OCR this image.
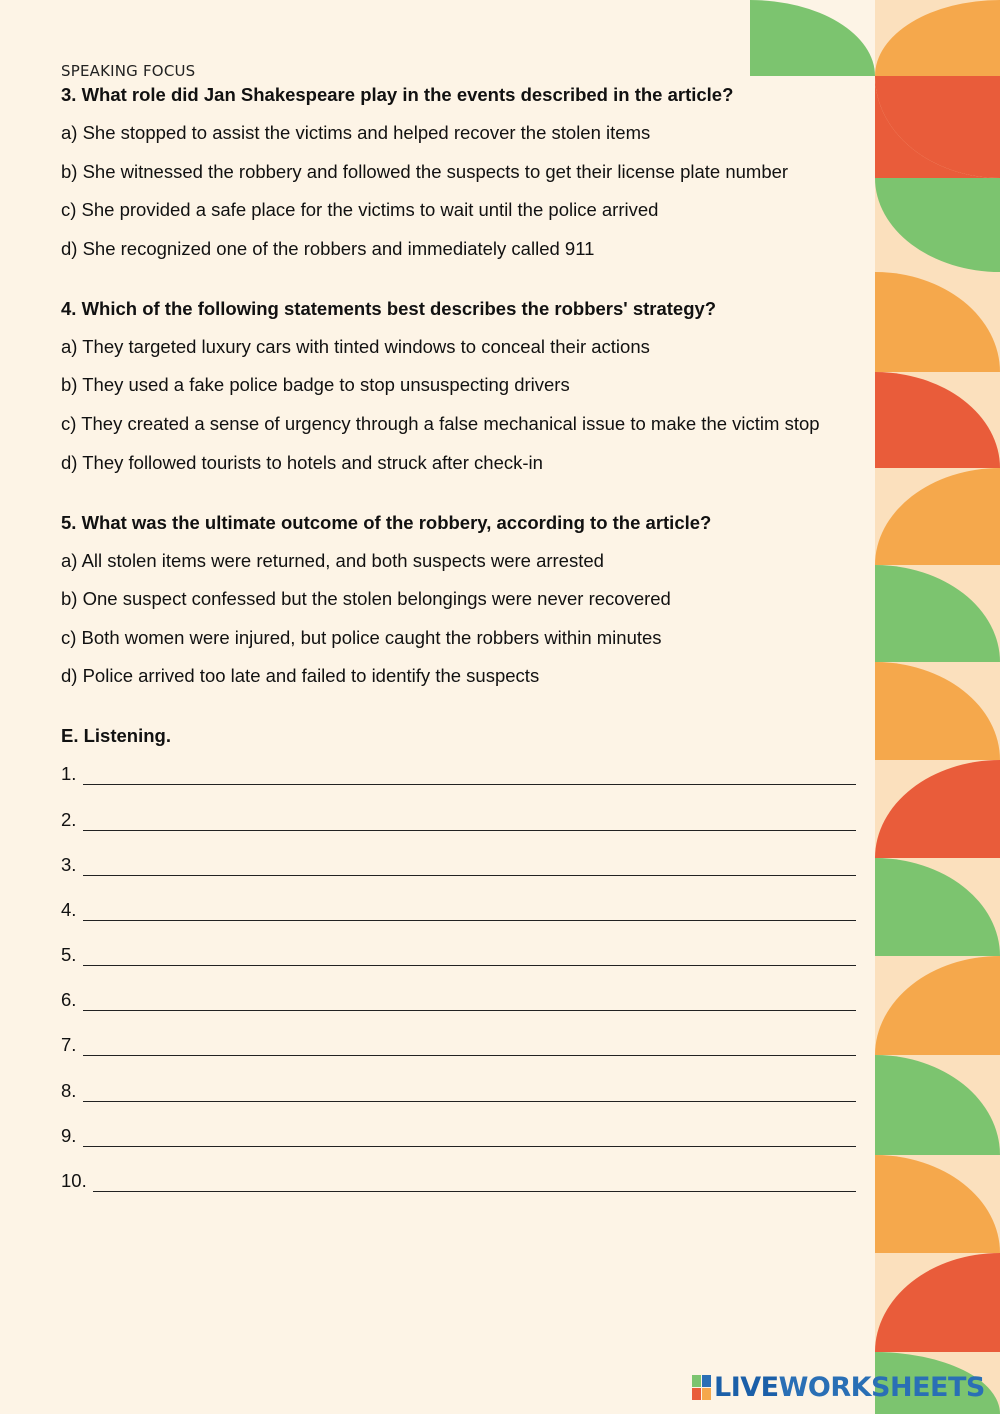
SPEAKING FOCUS

3. What role did Jan Shakespeare play in the events described in the article?

a) She stopped to assist the victims and helped recover the stolen items

b) She witnessed the robbery and followed the suspects to get their license plate number

c) She provided a safe place for the victims to wait until the police arrived

d) She recognized one of the robbers and immediately called 911

4. Which of the following statements best describes the robbers' strategy?

a) They targeted luxury cars with tinted windows to conceal their actions

b) They used a fake police badge to stop unsuspecting drivers

c) They created a sense of urgency through a false mechanical issue to make the victim stop

d) They followed tourists to hotels and struck after check-in

5. What was the ultimate outcome of the robbery, according to the article?

a) All stolen items were returned, and both suspects were arrested

b) One suspect confessed but the stolen belongings were never recovered

c) Both women were injured, but police caught the robbers within minutes

d) Police arrived too late and failed to identify the suspects

E. Listening.

1.
2.
3.
4.
5.
6.
7.
8.
9.
10.
LIVEWORKSHEETS
